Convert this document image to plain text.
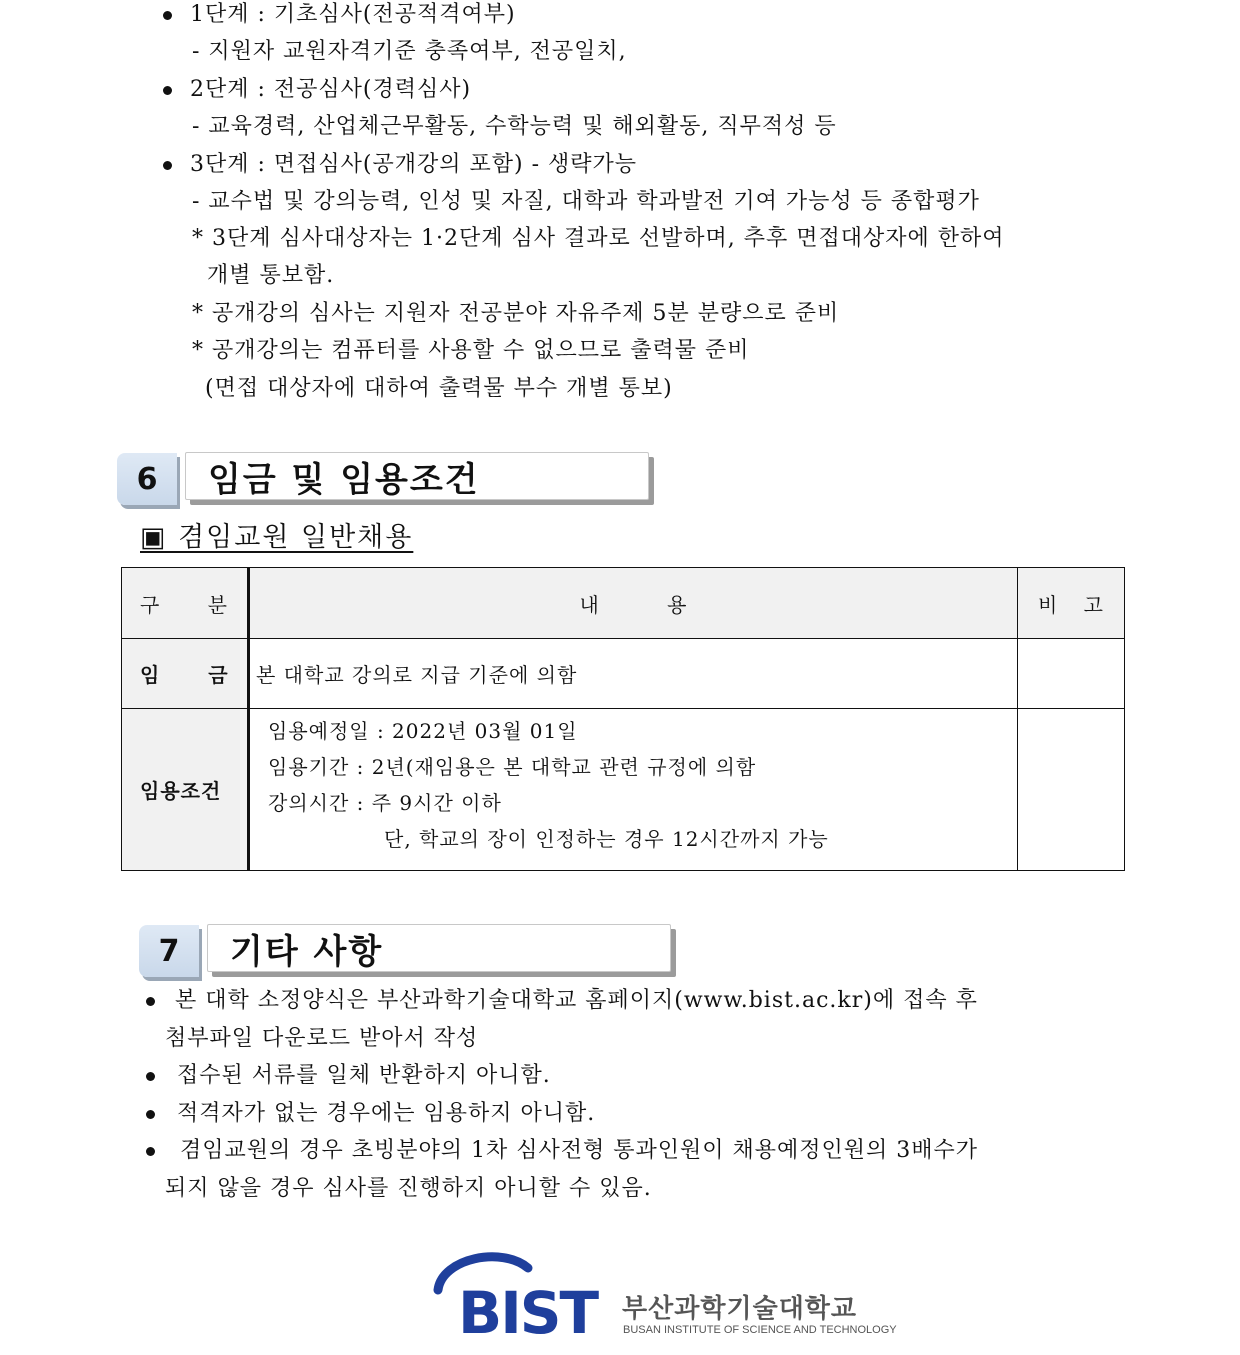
1단계 : 기초심사(전공적격여부)
- 지원자 교원자격기준 충족여부, 전공일치,
2단계 : 전공심사(경력심사)
- 교육경력, 산업체근무활동, 수학능력 및 해외활동, 직무적성 등
3단계 : 면접심사(공개강의 포함) - 생략가능
- 교수법 및 강의능력, 인성 및 자질, 대학과 학과발전 기여 가능성 등 종합평가
* 3단계 심사대상자는 1·2단계 심사 결과로 선발하며, 추후 면접대상자에 한하여
개별 통보함.
* 공개강의 심사는 지원자 전공분야 자유주제 5분 분량으로 준비
* 공개강의는 컴퓨터를 사용할 수 없으므로 출력물 준비
(면접 대상자에 대하여 출력물 부수 개별 통보)
6	임금 및 임용조건
▣ 겸임교원 일반채용
구 분	내 용	비 고
임 금	본 대학교 강의로 지급 기준에 의함	
임용조건	임용예정일 : 2022년 03월 01일
임용기간 : 2년(재임용은 본 대학교 관련 규정에 의함
강의시간 : 주 9시간 이하
단, 학교의 장이 인정하는 경우 12시간까지 가능	

7	기타 사항
본 대학 소정양식은 부산과학기술대학교 홈페이지(www.bist.ac.kr)에 접속 후
첨부파일 다운로드 받아서 작성
접수된 서류를 일체 반환하지 아니함.
적격자가 없는 경우에는 임용하지 아니함.
겸임교원의 경우 초빙분야의 1차 심사전형 통과인원이 채용예정인원의 3배수가
되지 않을 경우 심사를 진행하지 아니할 수 있음.
BIST 부산과학기술대학교
BUSAN INSTITUTE OF SCIENCE AND TECHNOLOGY
